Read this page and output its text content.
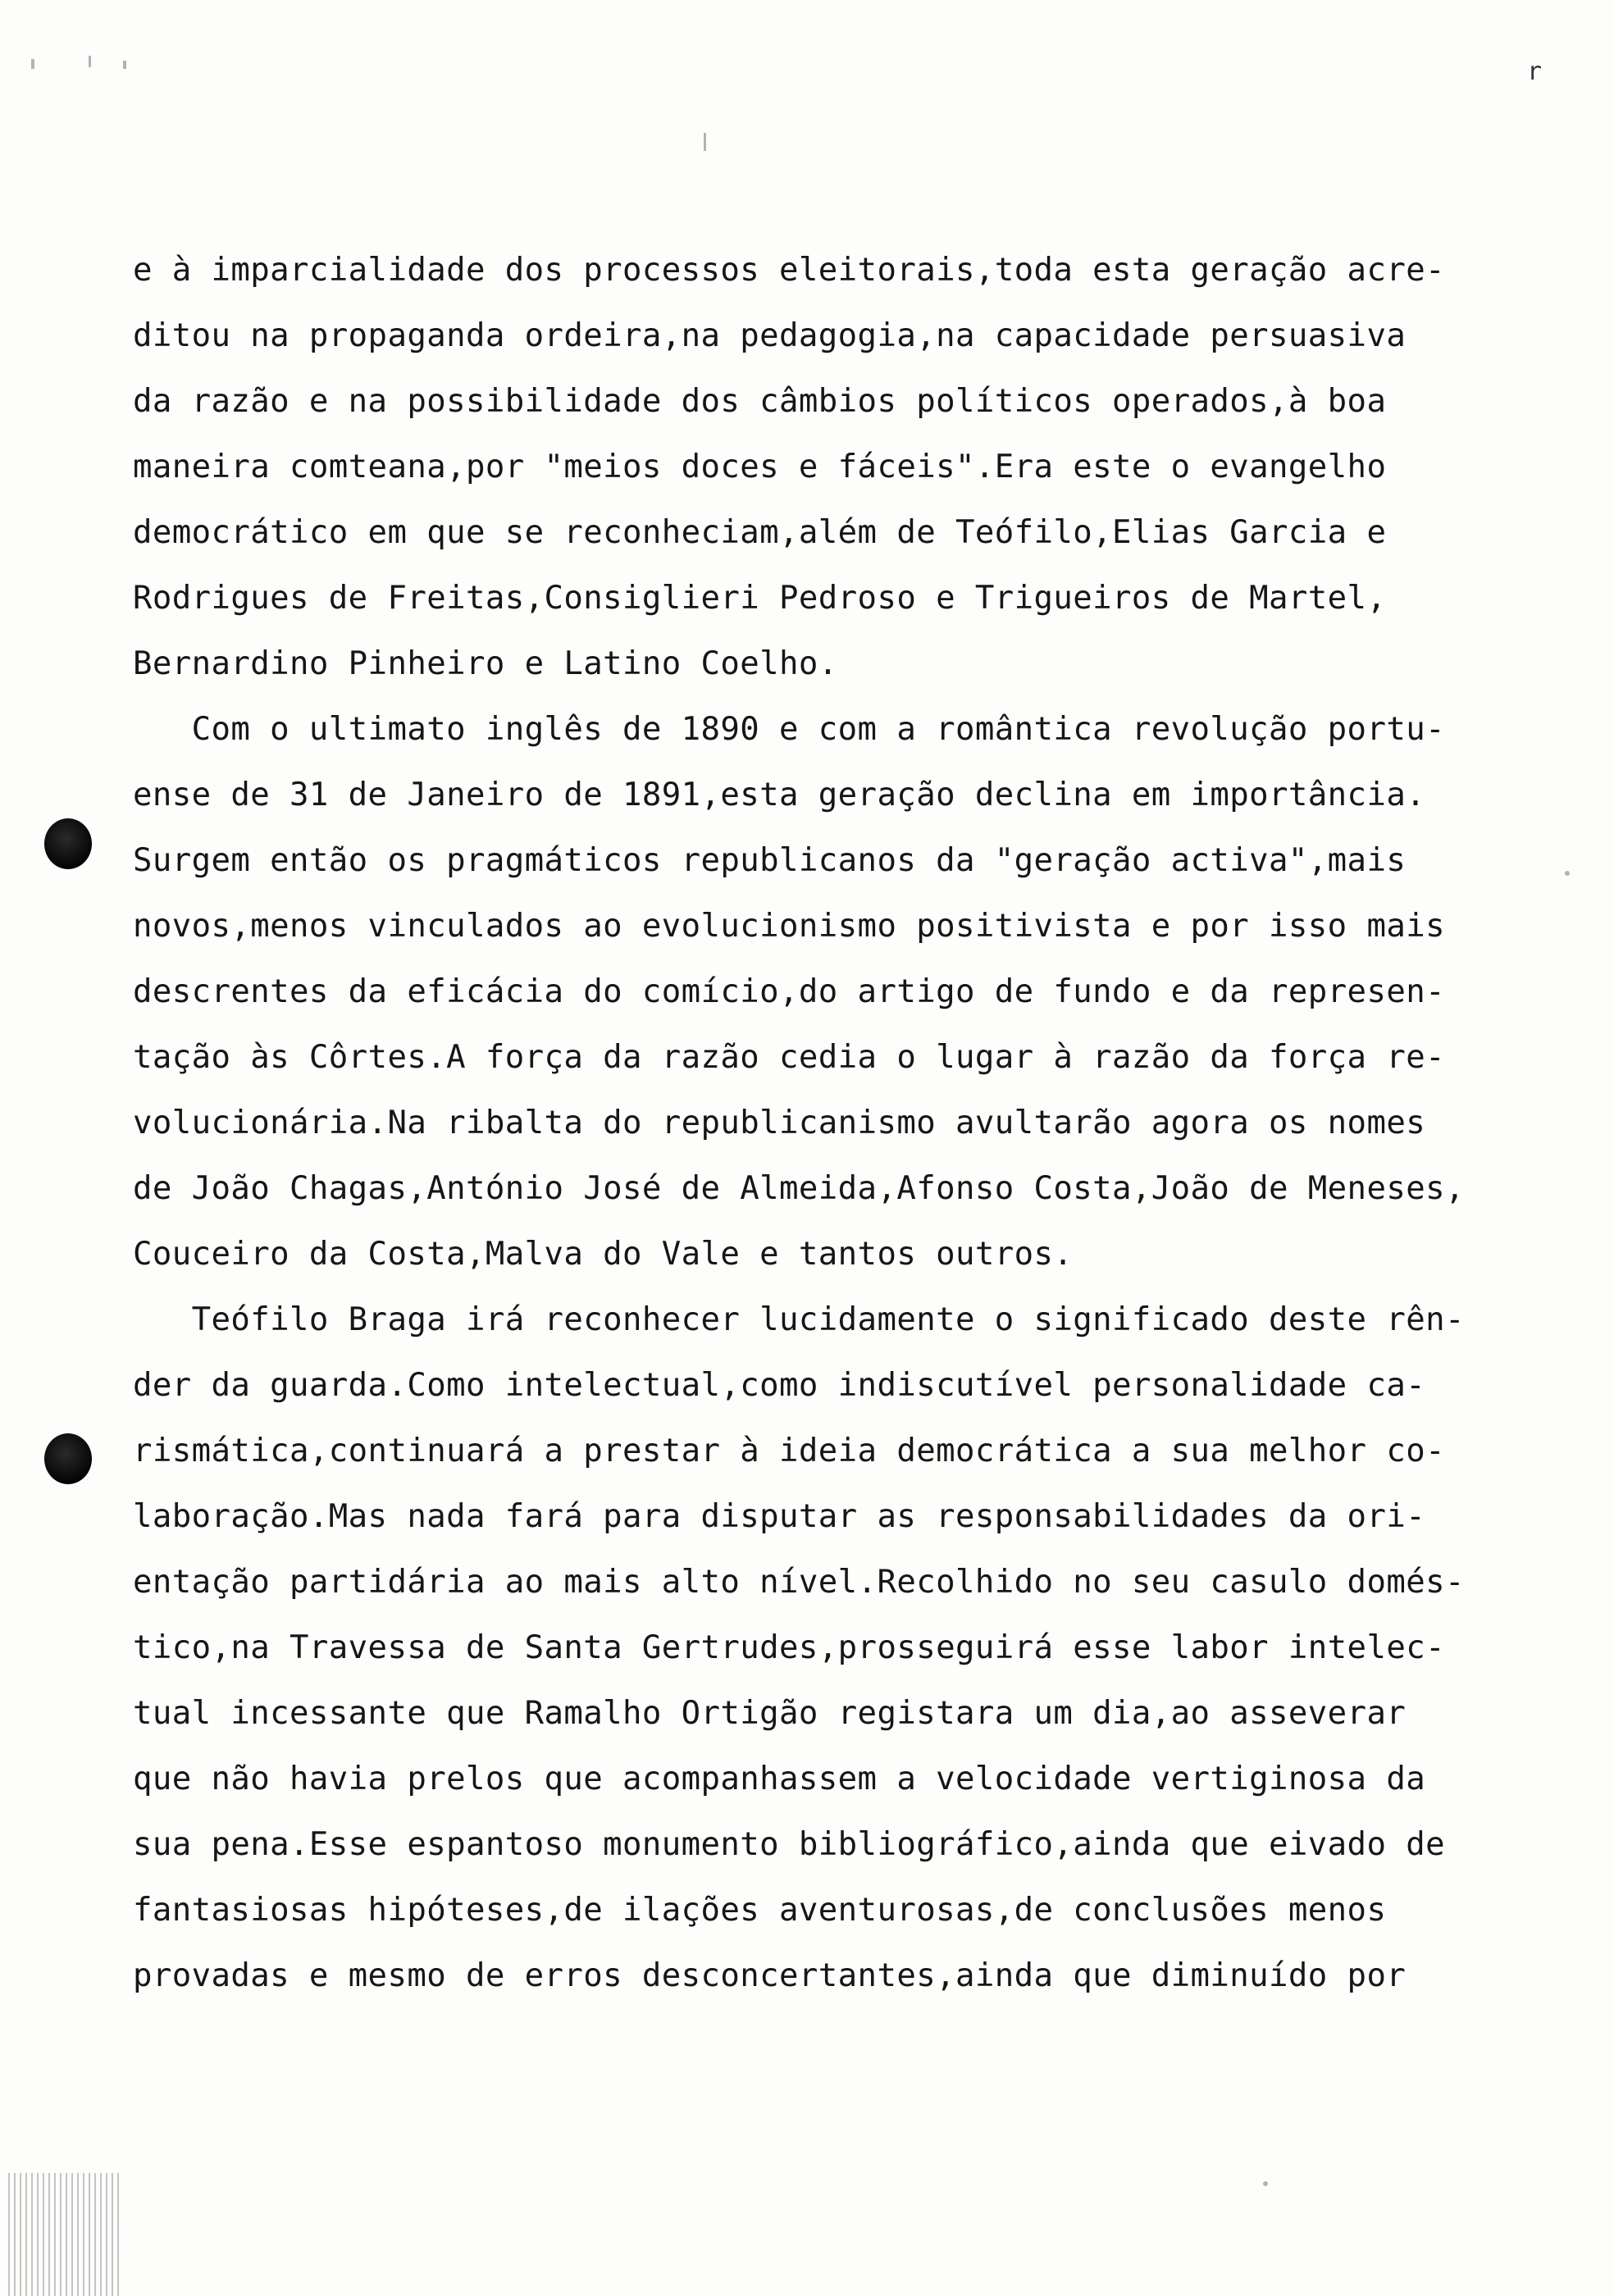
r
e à imparcialidade dos processos eleitorais,toda esta geração acre-
ditou na propaganda ordeira,na pedagogia,na capacidade persuasiva
da razão e na possibilidade dos câmbios políticos operados,à boa
maneira comteana,por "meios doces e fáceis".Era este o evangelho
democrático em que se reconheciam,além de Teófilo,Elias Garcia e
Rodrigues de Freitas,Consiglieri Pedroso e Trigueiros de Martel,
Bernardino Pinheiro e Latino Coelho.
Com o ultimato inglês de 1890 e com a romântica revolução portu-
ense de 31 de Janeiro de 1891,esta geração declina em importância.
Surgem então os pragmáticos republicanos da "geração activa",mais
novos,menos vinculados ao evolucionismo positivista e por isso mais
descrentes da eficácia do comício,do artigo de fundo e da represen-
tação às Côrtes.A força da razão cedia o lugar à razão da força re-
volucionária.Na ribalta do republicanismo avultarão agora os nomes
de João Chagas,António José de Almeida,Afonso Costa,João de Meneses,
Couceiro da Costa,Malva do Vale e tantos outros.
Teófilo Braga irá reconhecer lucidamente o significado deste rên-
der da guarda.Como intelectual,como indiscutível personalidade ca-
rismática,continuará a prestar à ideia democrática a sua melhor co-
laboração.Mas nada fará para disputar as responsabilidades da ori-
entação partidária ao mais alto nível.Recolhido no seu casulo domés-
tico,na Travessa de Santa Gertrudes,prosseguirá esse labor intelec-
tual incessante que Ramalho Ortigão registara um dia,ao asseverar
que não havia prelos que acompanhassem a velocidade vertiginosa da
sua pena.Esse espantoso monumento bibliográfico,ainda que eivado de
fantasiosas hipóteses,de ilações aventurosas,de conclusões menos
provadas e mesmo de erros desconcertantes,ainda que diminuído por
